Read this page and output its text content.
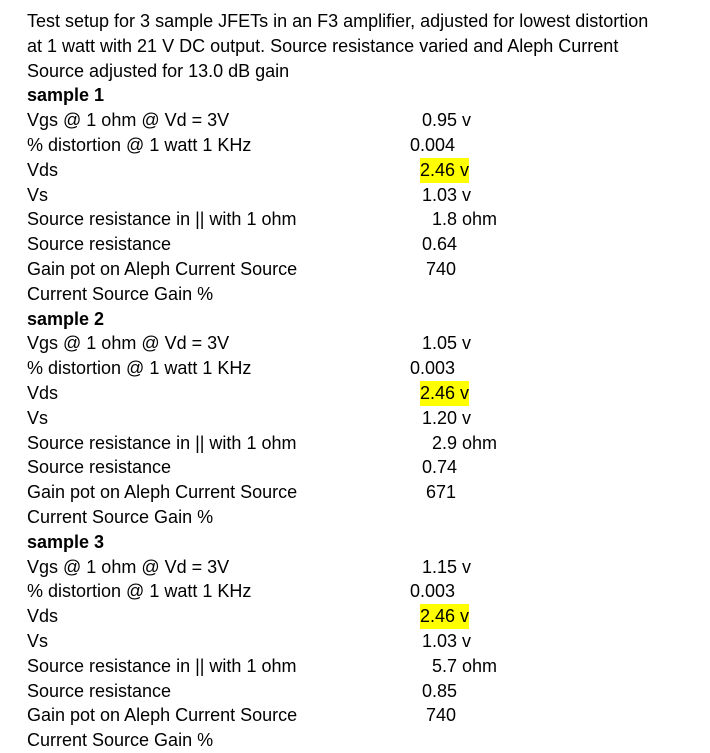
Test setup for 3 sample JFETs in an F3 amplifier, adjusted for lowest distortion
at 1 watt with 21 V DC output. Source resistance varied and Aleph Current
Source adjusted for 13.0 dB gain

sample 1
Vgs @ 1 ohm @ Vd = 3V	0.95 v
% distortion @ 1 watt 1 KHz	0.004
Vds	2.46 v
Vs	1.03 v
Source resistance in || with 1 ohm	1.8 ohm
Source resistance	0.64
Gain pot on Aleph Current Source	740
Current Source Gain %
sample 2
Vgs @ 1 ohm @ Vd = 3V	1.05 v
% distortion @ 1 watt 1 KHz	0.003
Vds	2.46 v
Vs	1.20 v
Source resistance in || with 1 ohm	2.9 ohm
Source resistance	0.74
Gain pot on Aleph Current Source	671
Current Source Gain %
sample 3
Vgs @ 1 ohm @ Vd = 3V	1.15 v
% distortion @ 1 watt 1 KHz	0.003
Vds	2.46 v
Vs	1.03 v
Source resistance in || with 1 ohm	5.7 ohm
Source resistance	0.85
Gain pot on Aleph Current Source	740
Current Source Gain %
